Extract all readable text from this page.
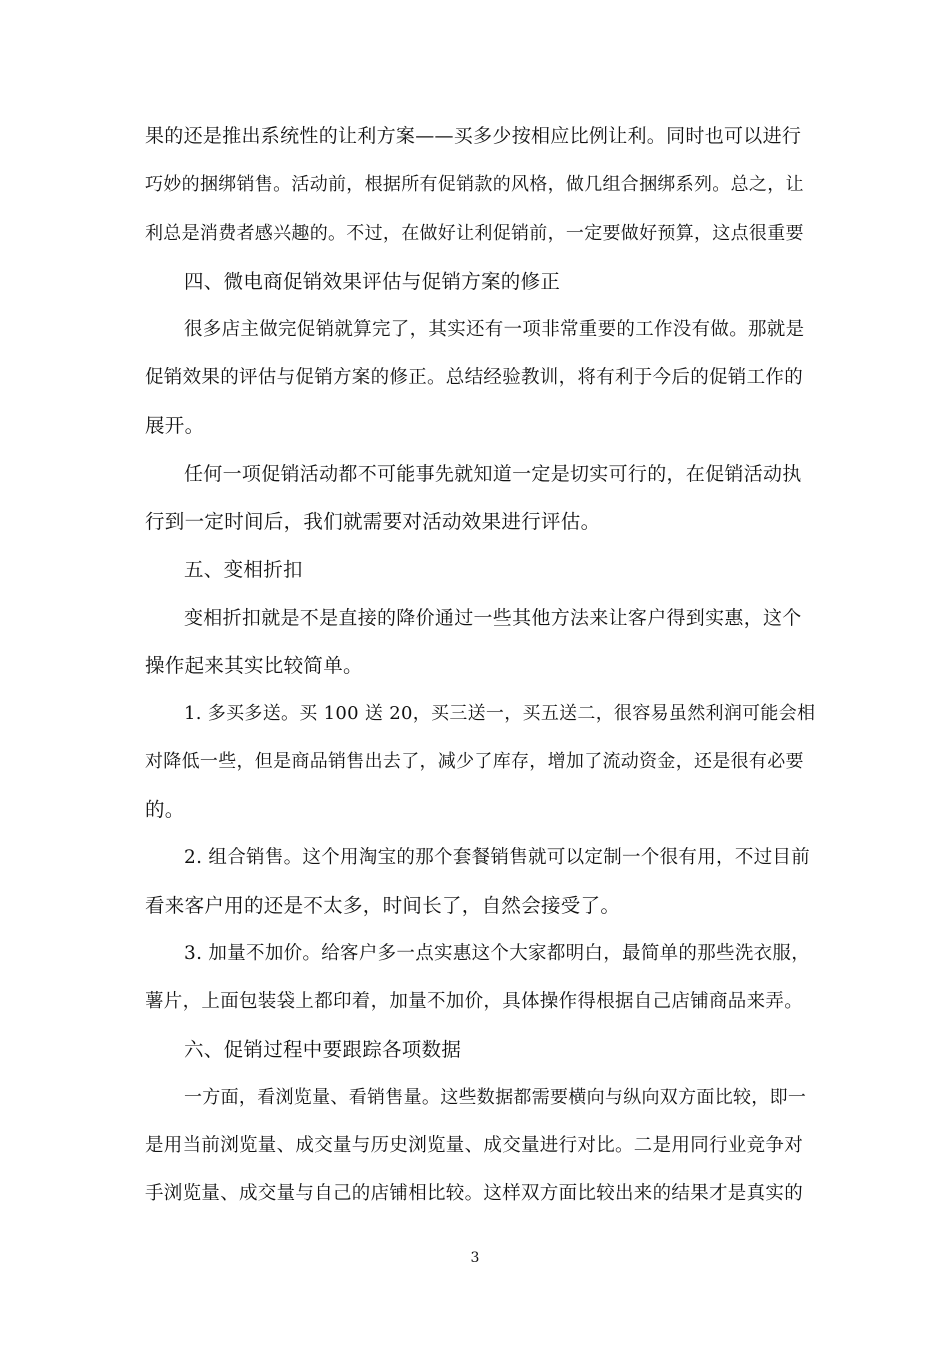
果的还是推出系统性的让利方案——买多少按相应比例让利。同时也可以进行
巧妙的捆绑销售。活动前，根据所有促销款的风格，做几组合捆绑系列。总之，让
利总是消费者感兴趣的。不过，在做好让利促销前，一定要做好预算，这点很重要
四、微电商促销效果评估与促销方案的修正
很多店主做完促销就算完了，其实还有一项非常重要的工作没有做。那就是
促销效果的评估与促销方案的修正。总结经验教训，将有利于今后的促销工作的
展开。
任何一项促销活动都不可能事先就知道一定是切实可行的，在促销活动执
行到一定时间后，我们就需要对活动效果进行评估。
五、变相折扣
变相折扣就是不是直接的降价通过一些其他方法来让客户得到实惠，这个
操作起来其实比较简单。
1. 多买多送。买 100 送 20，买三送一，买五送二，很容易虽然利润可能会相
对降低一些，但是商品销售出去了，减少了库存，增加了流动资金，还是很有必要
的。
2. 组合销售。这个用淘宝的那个套餐销售就可以定制一个很有用，不过目前
看来客户用的还是不太多，时间长了，自然会接受了。
3. 加量不加价。给客户多一点实惠这个大家都明白，最简单的那些洗衣服，
薯片，上面包装袋上都印着，加量不加价，具体操作得根据自己店铺商品来弄。
六、促销过程中要跟踪各项数据
一方面，看浏览量、看销售量。这些数据都需要横向与纵向双方面比较，即一
是用当前浏览量、成交量与历史浏览量、成交量进行对比。二是用同行业竞争对
手浏览量、成交量与自己的店铺相比较。这样双方面比较出来的结果才是真实的
3
